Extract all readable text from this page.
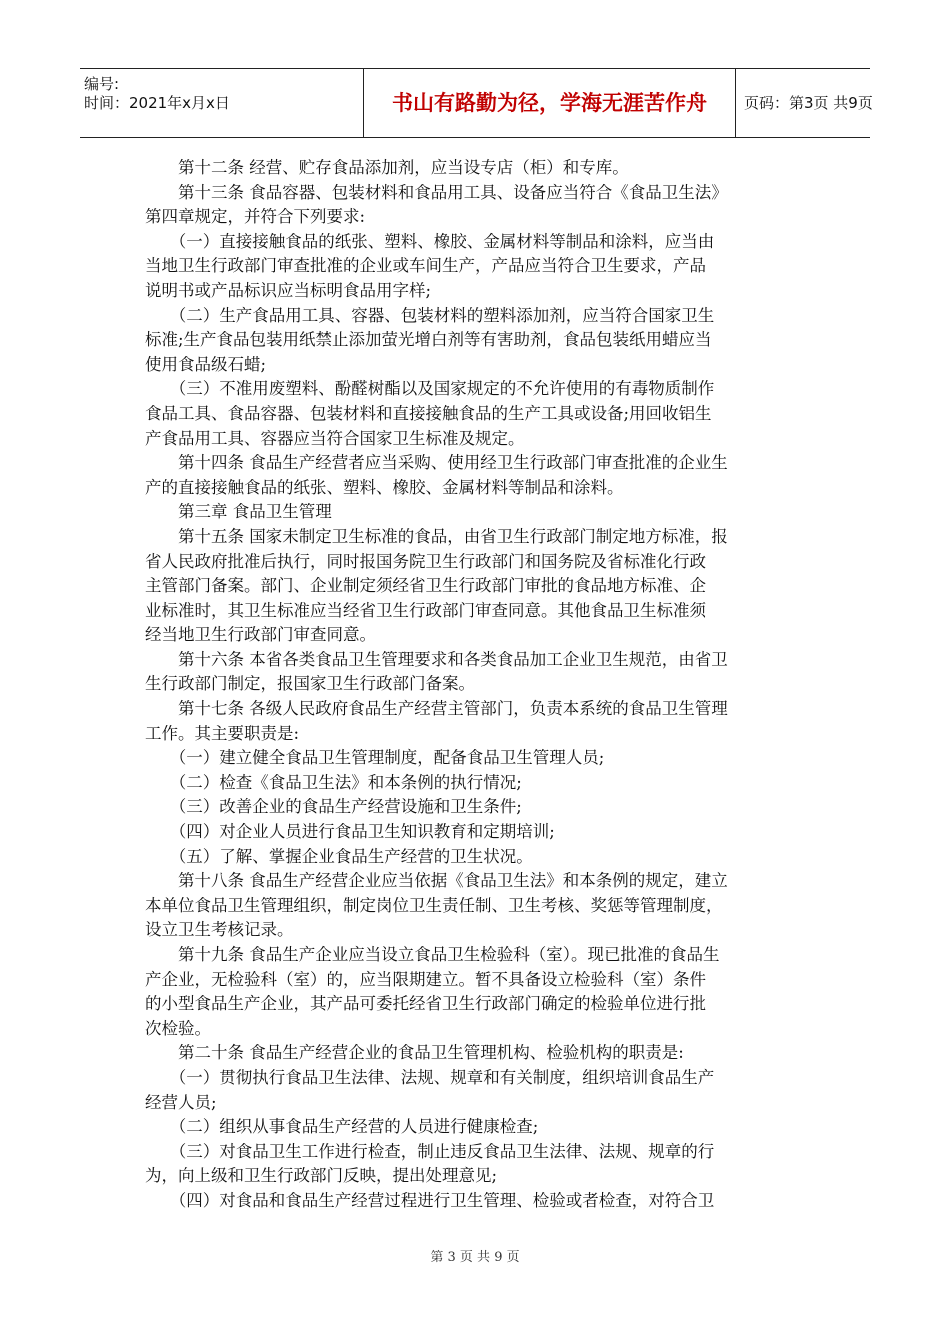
编号:
时间：2021年x月x日	书山有路勤为径，学海无涯苦作舟	页码：第3页 共9页

　　第十二条 经营、贮存食品添加剂，应当设专店（柜）和专库。

　　第十三条 食品容器、包装材料和食品用工具、设备应当符合《食品卫生法》

第四章规定，并符合下列要求:

　　（一）直接接触食品的纸张、塑料、橡胶、金属材料等制品和涂料，应当由

当地卫生行政部门审查批准的企业或车间生产，产品应当符合卫生要求，产品

说明书或产品标识应当标明食品用字样;

　　（二）生产食品用工具、容器、包装材料的塑料添加剂，应当符合国家卫生

标准;生产食品包装用纸禁止添加萤光增白剂等有害助剂，食品包装纸用蜡应当

使用食品级石蜡;

　　（三）不准用废塑料、酚醛树酯以及国家规定的不允许使用的有毒物质制作

食品工具、食品容器、包装材料和直接接触食品的生产工具或设备;用回收铝生

产食品用工具、容器应当符合国家卫生标准及规定。

　　第十四条 食品生产经营者应当采购、使用经卫生行政部门审查批准的企业生

产的直接接触食品的纸张、塑料、橡胶、金属材料等制品和涂料。

　　第三章 食品卫生管理

　　第十五条 国家未制定卫生标准的食品，由省卫生行政部门制定地方标准，报

省人民政府批准后执行，同时报国务院卫生行政部门和国务院及省标准化行政

主管部门备案。部门、企业制定须经省卫生行政部门审批的食品地方标准、企

业标准时，其卫生标准应当经省卫生行政部门审查同意。其他食品卫生标准须

经当地卫生行政部门审查同意。

　　第十六条 本省各类食品卫生管理要求和各类食品加工企业卫生规范，由省卫

生行政部门制定，报国家卫生行政部门备案。

　　第十七条 各级人民政府食品生产经营主管部门，负责本系统的食品卫生管理

工作。其主要职责是:

　　（一）建立健全食品卫生管理制度，配备食品卫生管理人员;

　　（二）检查《食品卫生法》和本条例的执行情况;

　　（三）改善企业的食品生产经营设施和卫生条件;

　　（四）对企业人员进行食品卫生知识教育和定期培训;

　　（五）了解、掌握企业食品生产经营的卫生状况。

　　第十八条 食品生产经营企业应当依据《食品卫生法》和本条例的规定，建立

本单位食品卫生管理组织，制定岗位卫生责任制、卫生考核、奖惩等管理制度，

设立卫生考核记录。

　　第十九条 食品生产企业应当设立食品卫生检验科（室）。现已批准的食品生

产企业，无检验科（室）的，应当限期建立。暂不具备设立检验科（室）条件

的小型食品生产企业，其产品可委托经省卫生行政部门确定的检验单位进行批

次检验。

　　第二十条 食品生产经营企业的食品卫生管理机构、检验机构的职责是:

　　（一）贯彻执行食品卫生法律、法规、规章和有关制度，组织培训食品生产

经营人员;

　　（二）组织从事食品生产经营的人员进行健康检查;

　　（三）对食品卫生工作进行检查，制止违反食品卫生法律、法规、规章的行

为，向上级和卫生行政部门反映，提出处理意见;

　　（四）对食品和食品生产经营过程进行卫生管理、检验或者检查，对符合卫

第 3 页 共 9 页
